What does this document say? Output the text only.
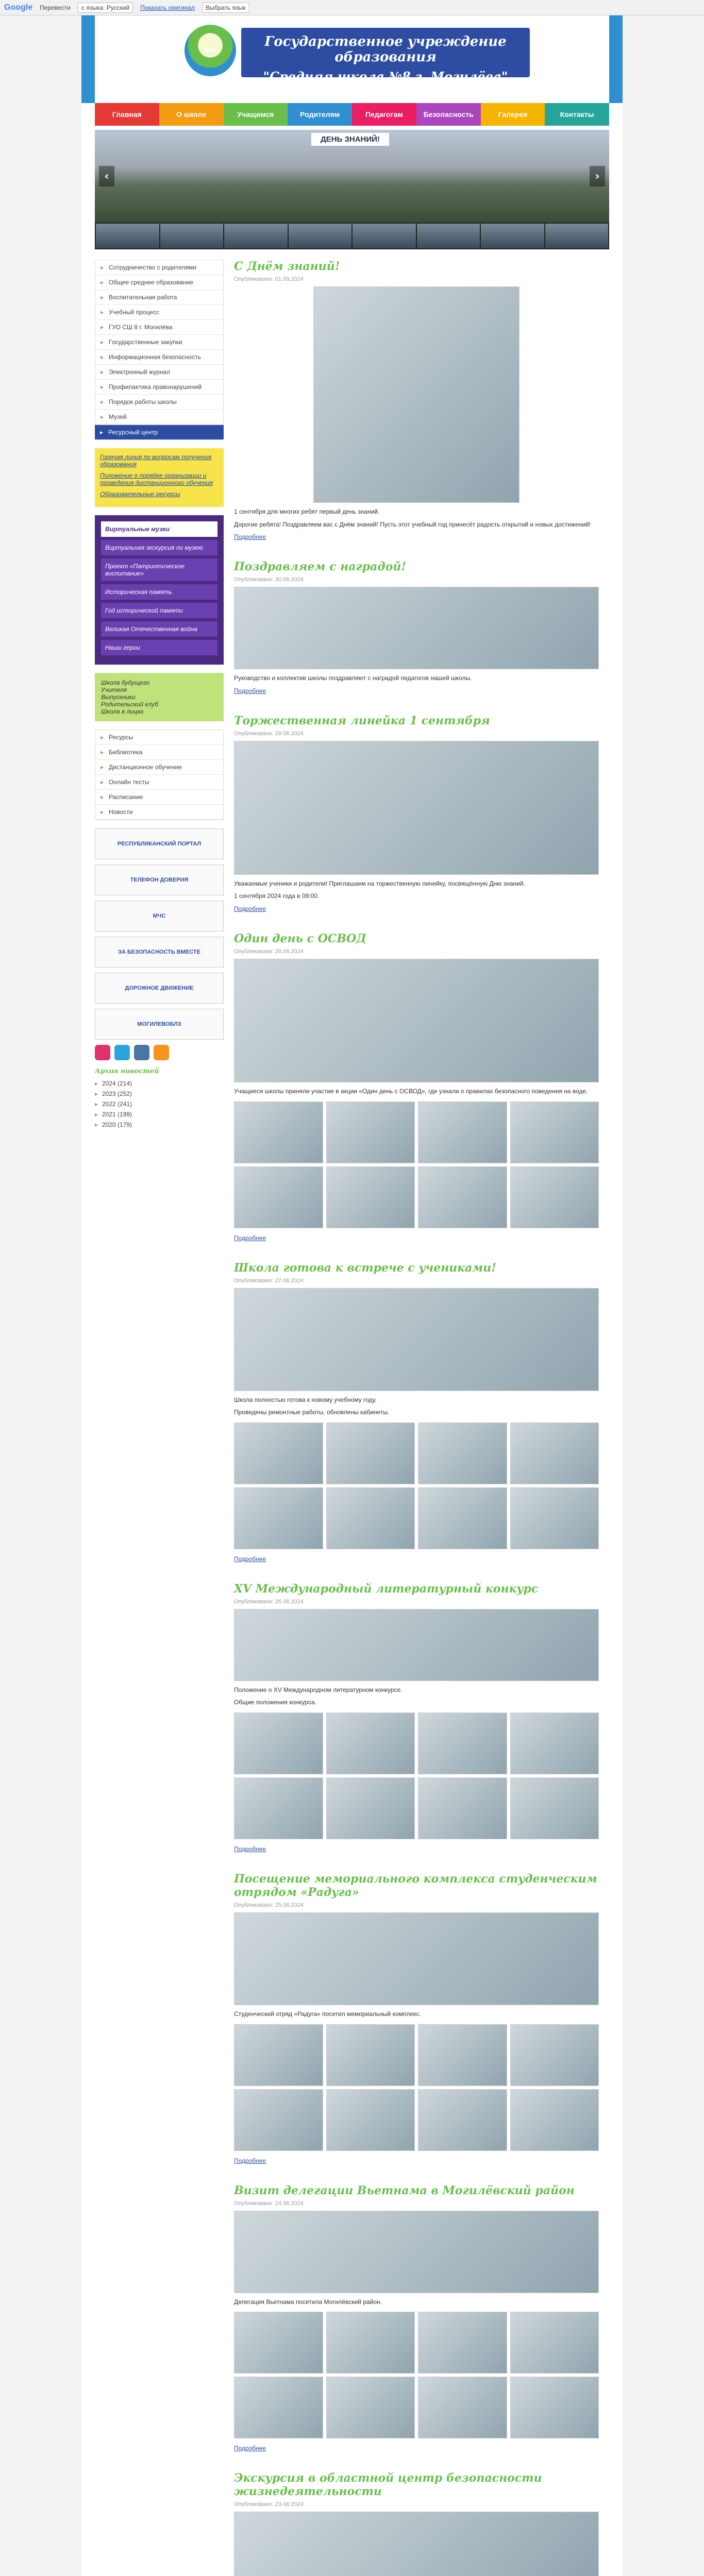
Google Перевести	с языка: Русский	Показать оригинал	Выбрать язык
№8	Государственное учреждение образования
"Средняя школа №8 г. Могилёва"
Главная	О школе	Учащимся	Родителям	Педагогам	Безопасность	Галерея	Контакты
ДЕНЬ ЗНАНИЙ!
‹	›
▸ Сотрудничество с родителями
▸ Общее среднее образование
▸ Воспитательная работа
▸ Учебный процесс
▸ ГУО СШ 8 г. Могилёва
▸ Государственные закупки
▸ Информационная безопасность
▸ Электронный журнал
▸ Профилактика правонарушений
▸ Порядок работы школы
▸ Музей
▸ Ресурсный центр
Горячая линия по вопросам получения образования
Положение о порядке организации и проведения дистанционного обучения
Образовательные ресурсы
Виртуальные музеи
Виртуальная экскурсия по музею
Проект «Патриотическое воспитание»
Историческая память
Год исторической памяти
Великая Отечественная война
Наши герои
Школа будущего
Учителя
Выпускники
Родительский клуб
Школа в лицах
▸ Ресурсы
▸ Библиотека
▸ Дистанционное обучение
▸ Онлайн тесты
▸ Расписание
▸ Новости
РЕСПУБЛИКАНСКИЙ ПОРТАЛ
ТЕЛЕФОН ДОВЕРИЯ
МЧС
ЗА БЕЗОПАСНОСТЬ ВМЕСТЕ
ДОРОЖНОЕ ДВИЖЕНИЕ
МОГИЛЕВОБЛЗ
Архив новостей
▸ 2024 (214)
▸ 2023 (252)
▸ 2022 (241)
▸ 2021 (199)
▸ 2020 (179)
С Днём знаний!
Опубликовано: 01.09.2024

1 сентября для многих ребят первый день знаний.

Дорогие ребята! Поздравляем вас с Днём знаний! Пусть этот учебный год принесёт радость открытий и новых достижений!

Подробнее
Поздравляем с наградой!
Опубликовано: 30.08.2024

Руководство и коллектив школы поздравляют с наградой педагогов нашей школы.

Подробнее
Торжественная линейка 1 сентября
Опубликовано: 29.08.2024

Уважаемые ученики и родители! Приглашаем на торжественную линейку, посвящённую Дню знаний.

1 сентября 2024 года в 09:00.

Подробнее
Один день с ОСВОД
Опубликовано: 28.08.2024

Учащиеся школы приняли участие в акции «Один день с ОСВОД», где узнали о правилах безопасного поведения на воде.

Подробнее
Школа готова к встрече с учениками!
Опубликовано: 27.08.2024

Школа полностью готова к новому учебному году.

Проведены ремонтные работы, обновлены кабинеты.

Подробнее
XV Международный литературный конкурс
Опубликовано: 26.08.2024

Положение о XV Международном литературном конкурсе.

Общие положения конкурса.

Подробнее
Посещение мемориального комплекса студенческим отрядом «Радуга»
Опубликовано: 25.08.2024

Студенческий отряд «Радуга» посетил мемориальный комплекс.

Подробнее
Визит делегации Вьетнама в Могилёвский район
Опубликовано: 24.08.2024

Делегация Вьетнама посетила Могилёвский район.

Подробнее
Экскурсия в областной центр безопасности жизнедеятельности
Опубликовано: 23.08.2024
